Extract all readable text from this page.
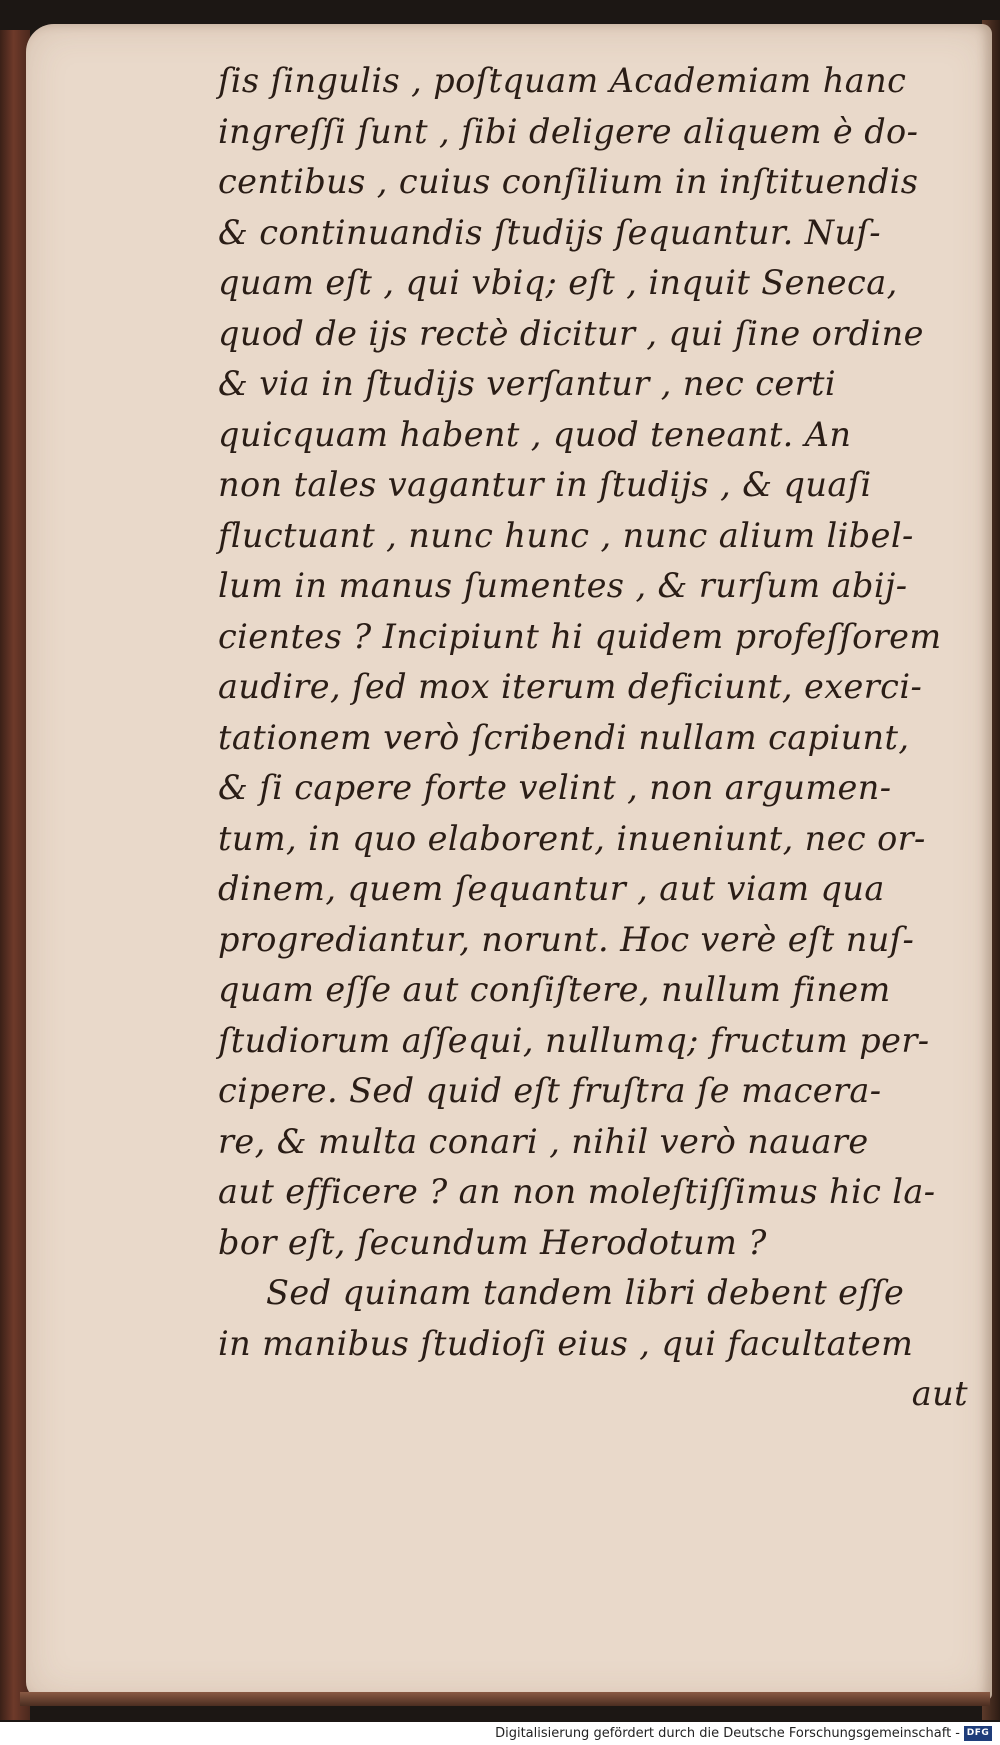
ſis ſingulis , poſtquam Academiam hanc
ingreſſi ſunt , ſibi deligere aliquem è do-
centibus , cuius conſilium in inſtituendis
& continuandis ſtudijs ſequantur. Nuſ-
quam eſt , qui vbiq; eſt , inquit Seneca,
quod de ijs rectè dicitur , qui ſine ordine
& via in ſtudijs verſantur , nec certi
quicquam habent , quod teneant. An
non tales vagantur in ſtudijs , & quaſi
fluctuant , nunc hunc , nunc alium libel-
lum in manus ſumentes , & rurſum abij-
cientes ? Incipiunt hi quidem profeſſorem
audire, ſed mox iterum deficiunt, exerci-
tationem verò ſcribendi nullam capiunt,
& ſi capere forte velint , non argumen-
tum, in quo elaborent, inueniunt, nec or-
dinem, quem ſequantur , aut viam qua
progrediantur, norunt. Hoc verè eſt nuſ-
quam eſſe aut conſiſtere, nullum finem
ſtudiorum aſſequi, nullumq; fructum per-
cipere. Sed quid eſt fruſtra ſe macera-
re, & multa conari , nihil verò nauare
aut efficere ? an non moleſtiſſimus hic la-
bor eſt, ſecundum Herodotum ?
Sed quinam tandem libri debent eſſe
in manibus ſtudioſi eius , qui facultatem
aut
Digitalisierung gefördert durch die Deutsche Forschungsgemeinschaft - DFG
